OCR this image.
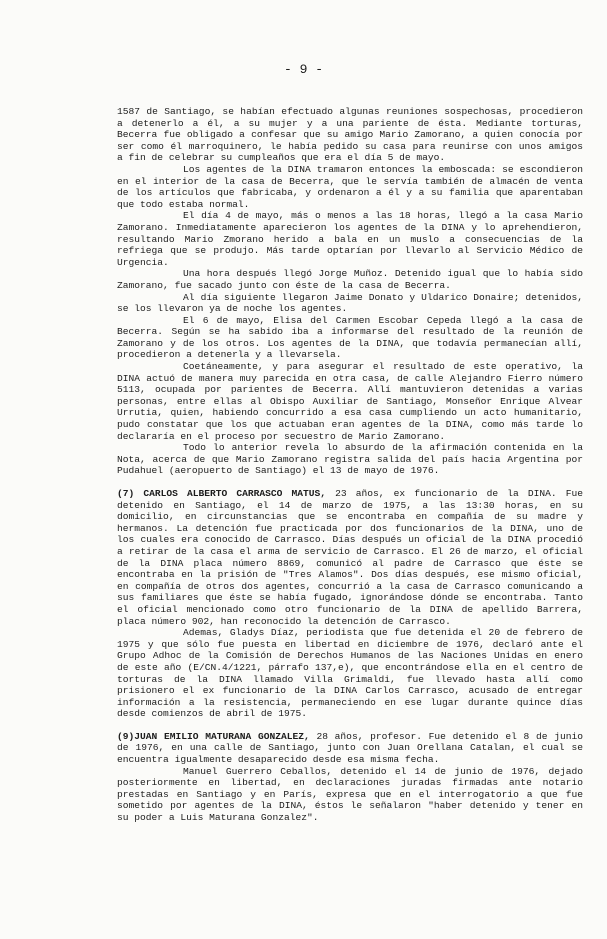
- 9 -

1587 de Santiago, se habían efectuado algunas reuniones sospechosas, procedieron a detenerlo a él, a su mujer y a una pariente de ésta. Mediante torturas, Becerra fue obligado a confesar que su amigo Mario Zamorano, a quien conocía por ser como él marroquinero, le había pedido su casa para reunirse con unos amigos a fin de celebrar su cumpleaños que era el día 5 de mayo.

Los agentes de la DINA tramaron entonces la emboscada: se escondieron en el interior de la casa de Becerra, que le servía también de almacén de venta de los artículos que fabricaba, y ordenaron a él y a su familia que aparentaban que todo estaba normal.

El día 4 de mayo, más o menos a las 18 horas, llegó a la casa Mario Zamorano. Inmediatamente aparecieron los agentes de la DINA y lo aprehendieron, resultando Mario Zmorano herido a bala en un muslo a consecuencias de la refriega que se produjo. Más tarde optarían por llevarlo al Servicio Médico de Urgencia.

Una hora después llegó Jorge Muñoz. Detenido igual que lo había sido Zamorano, fue sacado junto con éste de la casa de Becerra.

Al día siguiente llegaron Jaime Donato y Uldarico Donaire; detenidos, se los llevaron ya de noche los agentes.

El 6 de mayo, Elisa del Carmen Escobar Cepeda llegó a la casa de Becerra. Según se ha sabido iba a informarse del resultado de la reunión de Zamorano y de los otros. Los agentes de la DINA, que todavía permanecían allí, procedieron a detenerla y a llevarsela.

Coetáneamente, y para asegurar el resultado de este operativo, la DINA actuó de manera muy parecida en otra casa, de calle Alejandro Fierro número 5113, ocupada por parientes de Becerra. Allí mantuvieron detenidas a varias personas, entre ellas al Obispo Auxiliar de Santiago, Monseñor Enrique Alvear Urrutia, quien, habiendo concurrido a esa casa cumpliendo un acto humanitario, pudo constatar que los que actuaban eran agentes de la DINA, como más tarde lo declararía en el proceso por secuestro de Mario Zamorano.

Todo lo anterior revela lo absurdo de la afirmación contenida en la Nota, acerca de que Mario Zamorano registra salida del país hacia Argentina por Pudahuel (aeropuerto de Santiago) el 13 de mayo de 1976.

(7) CARLOS ALBERTO CARRASCO MATUS, 23 años, ex funcionario de la DINA. Fue detenido en Santiago, el 14 de marzo de 1975, a las 13:30 horas, en su domicilio, en circunstancias que se encontraba en compañía de su madre y hermanos. La detención fue practicada por dos funcionarios de la DINA, uno de los cuales era conocido de Carrasco. Días después un oficial de la DINA procedió a retirar de la casa el arma de servicio de Carrasco. El 26 de marzo, el oficial de la DINA placa número 8869, comunicó al padre de Carrasco que éste se encontraba en la prisión de "Tres Alamos". Dos días después, ese mismo oficial, en compañía de otros dos agentes, concurrió a la casa de Carrasco comunicando a sus familiares que éste se había fugado, ignorándose dónde se encontraba. Tanto el oficial mencionado como otro funcionario de la DINA de apellido Barrera, placa número 902, han reconocido la detención de Carrasco.

Ademas, Gladys Díaz, periodista que fue detenida el 20 de febrero de 1975 y que sólo fue puesta en libertad en diciembre de 1976, declaró ante el Grupo Adhoc de la Comisión de Derechos Humanos de las Naciones Unidas en enero de este año (E/CN.4/1221, párrafo 137,e), que encontrándose ella en el centro de torturas de la DINA llamado Villa Grimaldi, fue llevado hasta allí como prisionero el ex funcionario de la DINA Carlos Carrasco, acusado de entregar información a la resistencia, permaneciendo en ese lugar durante quince días desde comienzos de abril de 1975.

(9)JUAN EMILIO MATURANA GONZALEZ, 28 años, profesor. Fue detenido el 8 de junio de 1976, en una calle de Santiago, junto con Juan Orellana Catalan, el cual se encuentra igualmente desaparecido desde esa misma fecha.

Manuel Guerrero Ceballos, detenido el 14 de junio de 1976, dejado posteriormente en libertad, en declaraciones juradas firmadas ante notario prestadas en Santiago y en París, expresa que en el interrogatorio a que fue sometido por agentes de la DINA, éstos le señalaron "haber detenido y tener en su poder a Luis Maturana Gonzalez".
